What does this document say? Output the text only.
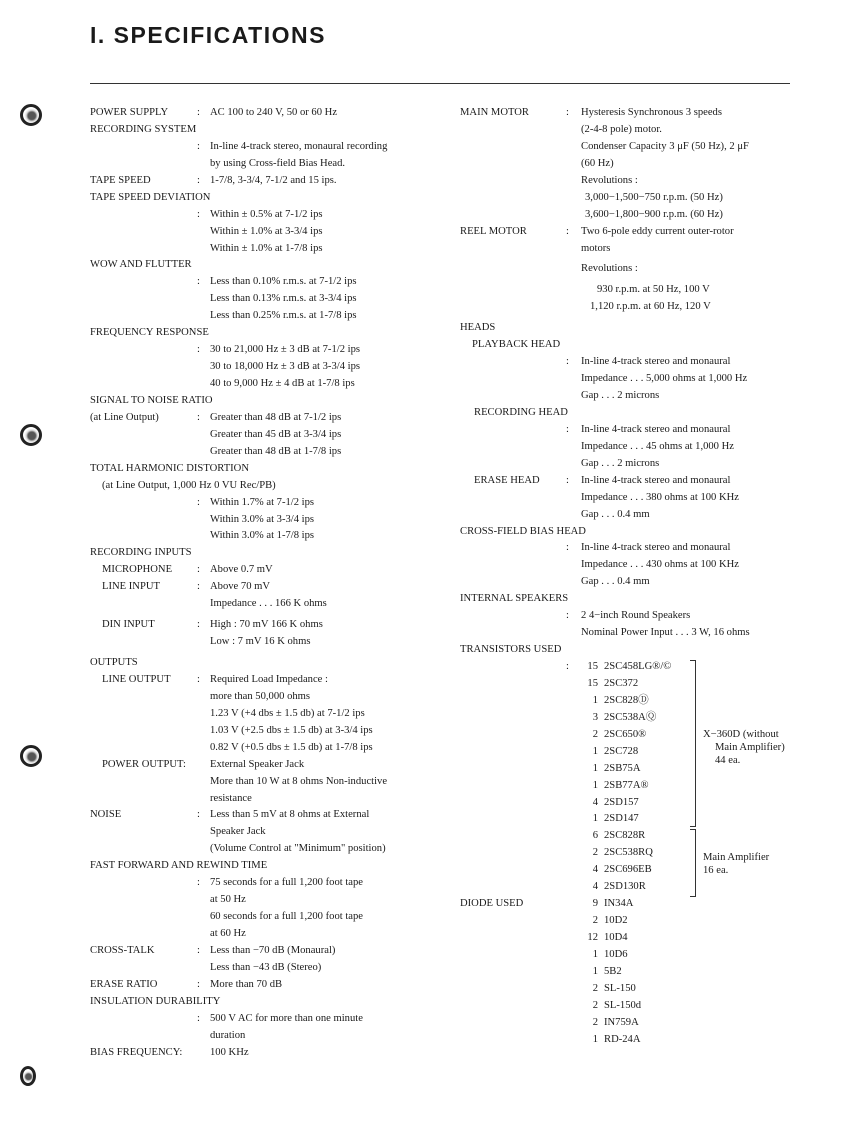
I. SPECIFICATIONS
POWER SUPPLY	: AC 100 to 240 V, 50 or 60 Hz
RECORDING SYSTEM
: In-line 4-track stereo, monaural recording
by using Cross-field Bias Head.
TAPE SPEED	: 1-7/8, 3-3/4, 7-1/2 and 15 ips.
TAPE SPEED DEVIATION
: Within ± 0.5% at 7-1/2 ips
Within ± 1.0% at 3-3/4 ips
Within ± 1.0% at 1-7/8 ips
WOW AND FLUTTER
: Less than 0.10% r.m.s. at 7-1/2 ips
Less than 0.13% r.m.s. at 3-3/4 ips
Less than 0.25% r.m.s. at 1-7/8 ips
FREQUENCY RESPONSE
: 30 to 21,000 Hz ± 3 dB at 7-1/2 ips
30 to 18,000 Hz ± 3 dB at 3-3/4 ips
40 to 9,000 Hz ± 4 dB at 1-7/8 ips
SIGNAL TO NOISE RATIO
(at Line Output)	: Greater than 48 dB at 7-1/2 ips
Greater than 45 dB at 3-3/4 ips
Greater than 48 dB at 1-7/8 ips
TOTAL HARMONIC DISTORTION
(at Line Output, 1,000 Hz 0 VU Rec/PB)
: Within 1.7% at 7-1/2 ips
Within 3.0% at 3-3/4 ips
Within 3.0% at 1-7/8 ips
RECORDING INPUTS
MICROPHONE : Above 0.7 mV
LINE INPUT	: Above 70 mV
Impedance . . . 166 K ohms
DIN INPUT	: High : 70 mV 166 K ohms
Low : 7 mV 16 K ohms
OUTPUTS
LINE OUTPUT : Required Load Impedance :
more than 50,000 ohms
1.23 V (+4 dbs ± 1.5 db) at 7-1/2 ips
1.03 V (+2.5 dbs ± 1.5 db) at 3-3/4 ips
0.82 V (+0.5 dbs ± 1.5 db) at 1-7/8 ips
POWER OUTPUT: External Speaker Jack
More than 10 W at 8 ohms Non-inductive
resistance
NOISE	: Less than 5 mV at 8 ohms at External
Speaker Jack
(Volume Control at "Minimum" position)
FAST FORWARD AND REWIND TIME
: 75 seconds for a full 1,200 foot tape
at 50 Hz
60 seconds for a full 1,200 foot tape
at 60 Hz
CROSS-TALK	: Less than −70 dB (Monaural)
Less than −43 dB (Stereo)
ERASE RATIO	: More than 70 dB
INSULATION DURABILITY
: 500 V AC for more than one minute
duration
BIAS FREQUENCY:	100 KHz
MAIN MOTOR	: Hysteresis Synchronous 3 speeds
(2-4-8 pole) motor.
Condenser Capacity 3 μF (50 Hz), 2 μF
(60 Hz)
Revolutions :
3,000−1,500−750 r.p.m. (50 Hz)
3,600−1,800−900 r.p.m. (60 Hz)
REEL MOTOR	: Two 6-pole eddy current outer-rotor
motors
Revolutions :
930 r.p.m. at 50 Hz, 100 V
1,120 r.p.m. at 60 Hz, 120 V
HEADS
PLAYBACK HEAD
: In-line 4-track stereo and monaural
Impedance . . . 5,000 ohms at 1,000 Hz
Gap . . . 2 microns
RECORDING HEAD
: In-line 4-track stereo and monaural
Impedance . . . 45 ohms at 1,000 Hz
Gap . . . 2 microns
ERASE HEAD : In-line 4-track stereo and monaural
Impedance . . . 380 ohms at 100 KHz
Gap . . . 0.4 mm
CROSS-FIELD BIAS HEAD
: In-line 4-track stereo and monaural
Impedance . . . 430 ohms at 100 KHz
Gap . . . 0.4 mm
INTERNAL SPEAKERS
: 2 4−inch Round Speakers
Nominal Power Input . . . 3 W, 16 ohms
TRANSISTORS USED
: 15 2SC458LG®/©
15 2SC372
1 2SC828Ⓓ
3 2SC538AⓆ
2 2SC650®
1 2SC728
1 2SB75A
1 2SB77A®
4 2SD157
1 2SD147
6 2SC828R
2 2SC538RQ
4 2SC696EB
4 2SD130R
DIODE USED	9 IN34A
2 10D2
12 10D4
1 10D6
1 5B2
2 SL-150
2 SL-150d
2 IN759A
1 RD-24A
X−360D (without
Main Amplifier)
44 ea.
Main Amplifier
16 ea.
